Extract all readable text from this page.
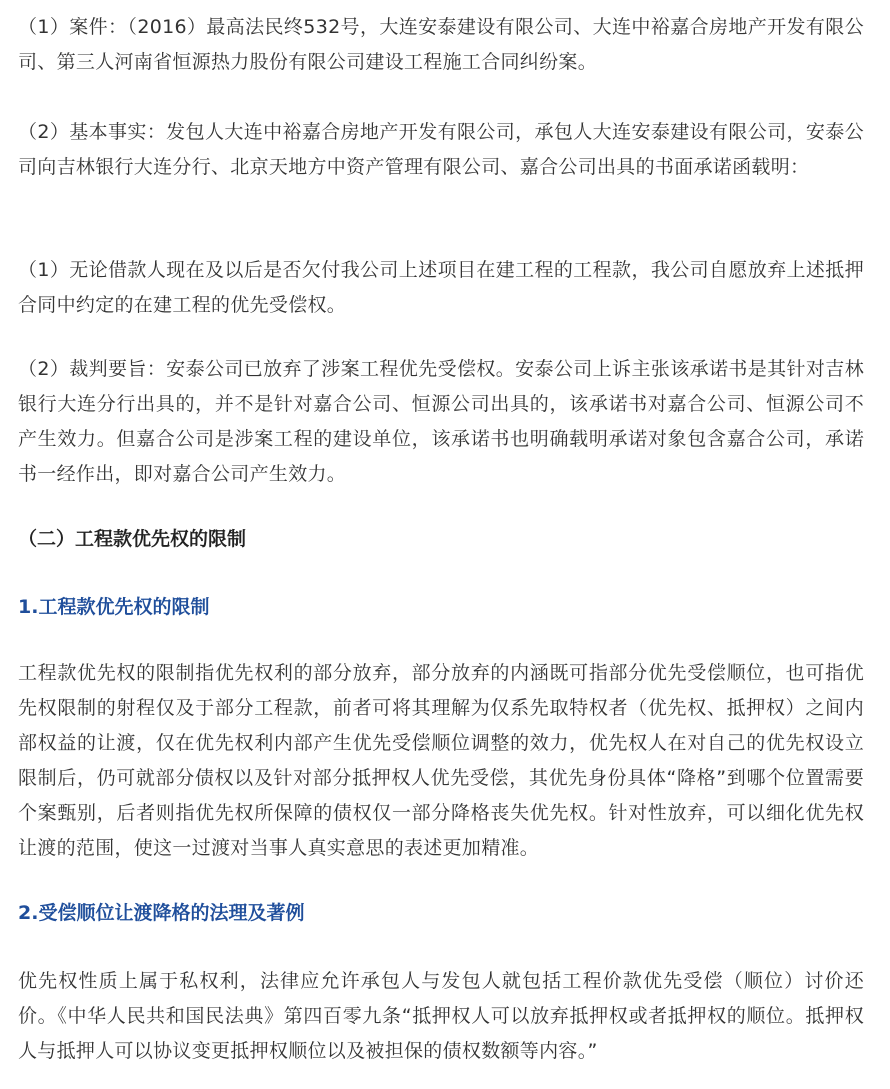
（1）案件：（2016）最高法民终532号，大连安泰建设有限公司、大连中裕嘉合房地产开发有限公司、第三人河南省恒源热力股份有限公司建设工程施工合同纠纷案。

（2）基本事实：发包人大连中裕嘉合房地产开发有限公司，承包人大连安泰建设有限公司，安泰公司向吉林银行大连分行、北京天地方中资产管理有限公司、嘉合公司出具的书面承诺函载明：

（1）无论借款人现在及以后是否欠付我公司上述项目在建工程的工程款，我公司自愿放弃上述抵押合同中约定的在建工程的优先受偿权。

（2）裁判要旨：安泰公司已放弃了涉案工程优先受偿权。安泰公司上诉主张该承诺书是其针对吉林银行大连分行出具的，并不是针对嘉合公司、恒源公司出具的，该承诺书对嘉合公司、恒源公司不产生效力。但嘉合公司是涉案工程的建设单位，该承诺书也明确载明承诺对象包含嘉合公司，承诺书一经作出，即对嘉合公司产生效力。

（二）工程款优先权的限制
1.工程款优先权的限制

工程款优先权的限制指优先权利的部分放弃，部分放弃的内涵既可指部分优先受偿顺位，也可指优先权限制的射程仅及于部分工程款，前者可将其理解为仅系先取特权者（优先权、抵押权）之间内部权益的让渡，仅在优先权利内部产生优先受偿顺位调整的效力，优先权人在对自己的优先权设立限制后，仍可就部分债权以及针对部分抵押权人优先受偿，其优先身份具体“降格”到哪个位置需要个案甄别，后者则指优先权所保障的债权仅一部分降格丧失优先权。针对性放弃，可以细化优先权让渡的范围，使这一过渡对当事人真实意思的表述更加精准。

2.受偿顺位让渡降格的法理及著例

优先权性质上属于私权利，法律应允许承包人与发包人就包括工程价款优先受偿（顺位）讨价还价。《中华人民共和国民法典》第四百零九条“抵押权人可以放弃抵押权或者抵押权的顺位。抵押权人与抵押人可以协议变更抵押权顺位以及被担保的债权数额等内容。”
